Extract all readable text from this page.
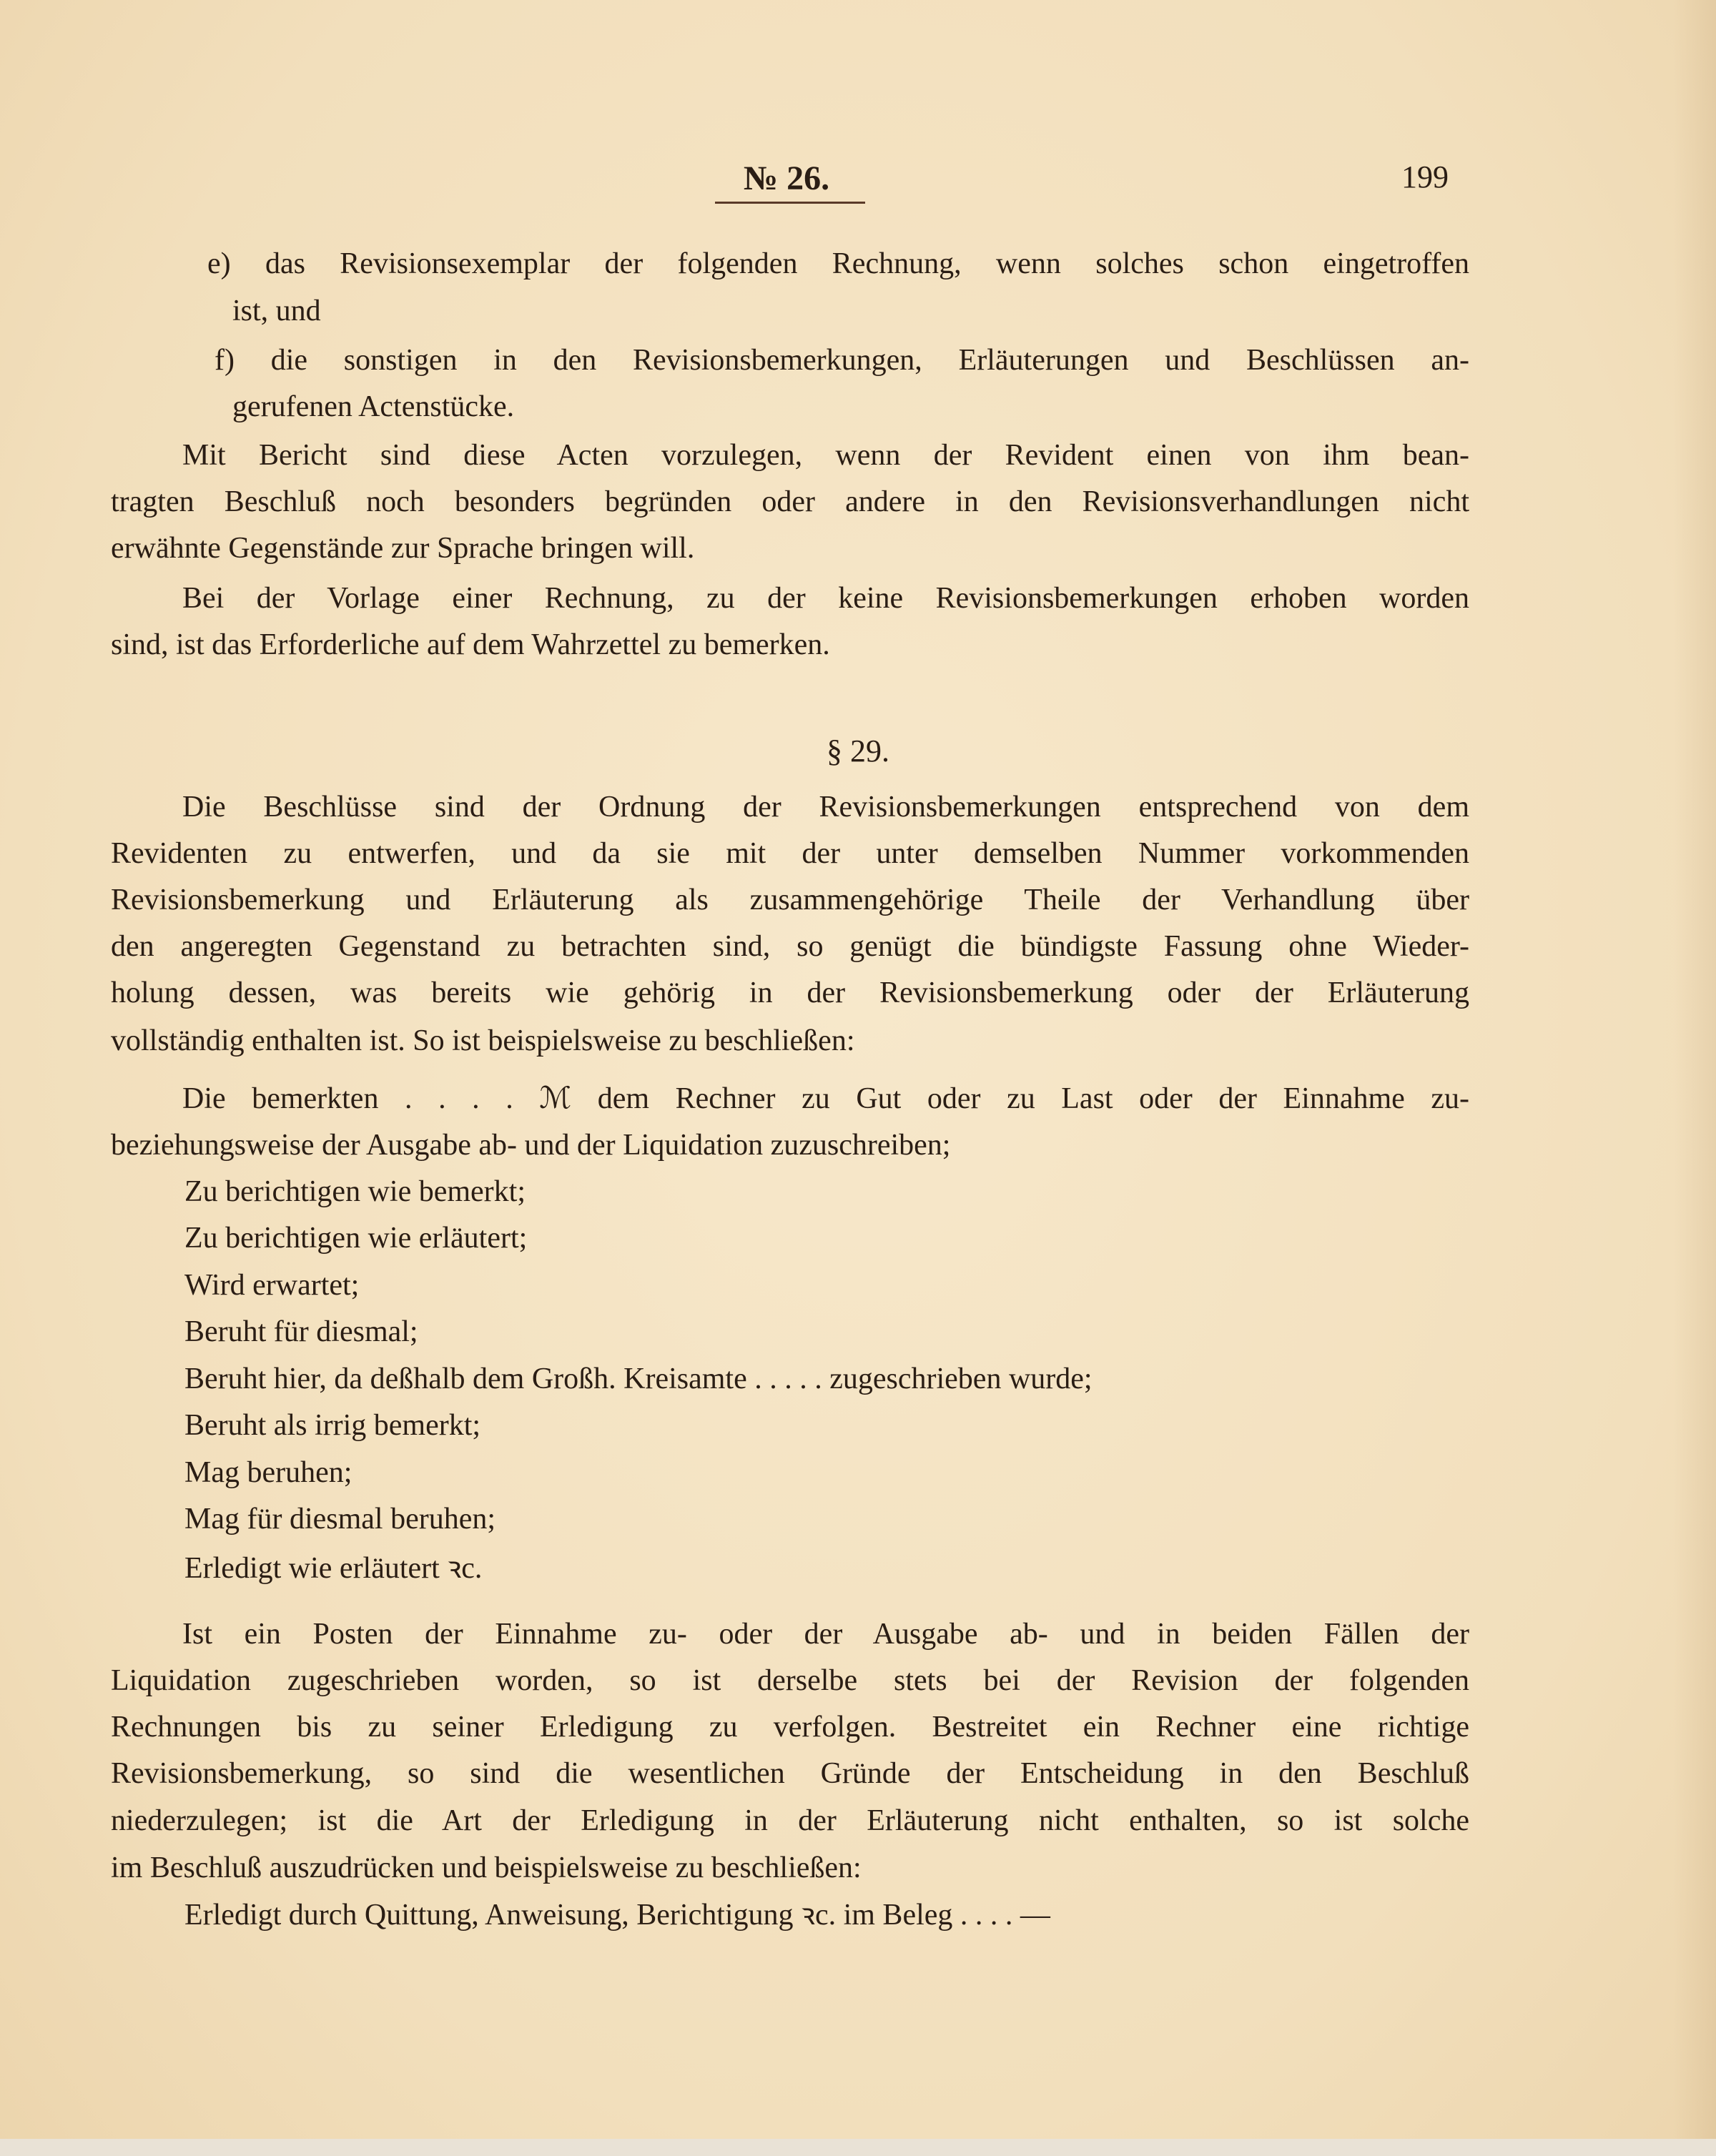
№ 26.	199
e) das Revisionsexemplar der folgenden Rechnung, wenn solches schon eingetroffen
ist, und
f) die sonstigen in den Revisionsbemerkungen, Erläuterungen und Beschlüssen an-
gerufenen Actenstücke.
Mit Bericht sind diese Acten vorzulegen, wenn der Revident einen von ihm bean-
tragten Beschluß noch besonders begründen oder andere in den Revisionsverhandlungen nicht
erwähnte Gegenstände zur Sprache bringen will.
Bei der Vorlage einer Rechnung, zu der keine Revisionsbemerkungen erhoben worden
sind, ist das Erforderliche auf dem Wahrzettel zu bemerken.
§ 29.
Die Beschlüsse sind der Ordnung der Revisionsbemerkungen entsprechend von dem
Revidenten zu entwerfen, und da sie mit der unter demselben Nummer vorkommenden
Revisionsbemerkung und Erläuterung als zusammengehörige Theile der Verhandlung über
den angeregten Gegenstand zu betrachten sind, so genügt die bündigste Fassung ohne Wieder-
holung dessen, was bereits wie gehörig in der Revisionsbemerkung oder der Erläuterung
vollständig enthalten ist. So ist beispielsweise zu beschließen:
Die bemerkten . . . . ℳ dem Rechner zu Gut oder zu Last oder der Einnahme zu-
beziehungsweise der Ausgabe ab- und der Liquidation zuzuschreiben;
Zu berichtigen wie bemerkt;
Zu berichtigen wie erläutert;
Wird erwartet;
Beruht für diesmal;
Beruht hier, da deßhalb dem Großh. Kreisamte . . . . . zugeschrieben wurde;
Beruht als irrig bemerkt;
Mag beruhen;
Mag für diesmal beruhen;
Erledigt wie erläutert ꝛc.
Ist ein Posten der Einnahme zu- oder der Ausgabe ab- und in beiden Fällen der
Liquidation zugeschrieben worden, so ist derselbe stets bei der Revision der folgenden
Rechnungen bis zu seiner Erledigung zu verfolgen. Bestreitet ein Rechner eine richtige
Revisionsbemerkung, so sind die wesentlichen Gründe der Entscheidung in den Beschluß
niederzulegen; ist die Art der Erledigung in der Erläuterung nicht enthalten, so ist solche
im Beschluß auszudrücken und beispielsweise zu beschließen:
Erledigt durch Quittung, Anweisung, Berichtigung ꝛc. im Beleg . . . . —
